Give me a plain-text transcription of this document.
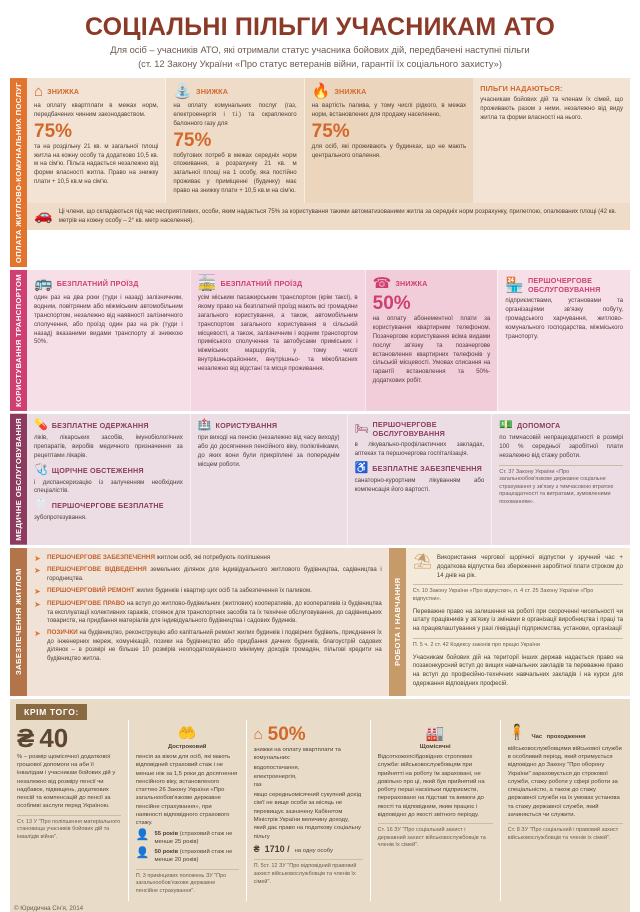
СОЦІАЛЬНІ ПІЛЬГИ УЧАСНИКАМ АТО
Для осіб – учасників АТО, які отримали статус учасника бойових дій, передбачені наступні пільги
(ст. 12 Закону України «Про статус ветеранів війни, гарантії їх соціального захисту»)
ОПЛАТА ЖИТЛОВО-КОМУНАЛЬНИХ ПОСЛУГ ⌂ ЗНИЖКА
на оплату квартплати в межах норм, передбачених чинним законодавством.
75%
та на роздільну 21 кв. м загальної площі житла на кожну особу та додатково 10,5 кв. м на сім'ю. Пільга надається незалежно від форми власності житла. Право на знижку плати + 10,5 кв.м на сім'ю.
⛲ ЗНИЖКА
на оплату комунальних послуг (газ, електроенергія і т.і.) та скрапленого балонного газу для
75%
побутових потреб в межах середніх норм споживання, а розрахунку 21 кв. м загальної площі на 1 особу, яка постійно проживає у приміщенні (будинку) має право на знижку плати + 10,5 кв.м на сім'ю.
🔥 ЗНИЖКА
на вартість палива, у тому числі рідкого, в межах норм, встановлених для продажу населенню,
75%
для осіб, які проживають у будинках, що не мають центрального опалення.
ПІЛЬГИ НАДАЮТЬСЯ:
учасникам бойових дій та членам їх сімей, що проживають разом з ними, незалежно від виду житла та форми власності на нього.
🚗 Ці члени, що складаються під час несприятливих, особи, яким надається 75% за користування такими автоматизованими житла за середніх норм розрахунку, прилеглою, опалюваних площі (42 кв. метрів на кожну особу – 2° кв. метр населення).
КОРИСТУВАННЯ ТРАНСПОРТОМ 🚌 БЕЗПЛАТНИЙ ПРОЇЗД
один раз на два роки (туди і назад) залізничним, водним, повітряним або міжміським автомобільним транспортом, незалежно від наявності залізничного сполучення, або проїзд один раз на рік (туди і назад) вказаними видами транспорту зі знижкою 50%.
🚋 БЕЗПЛАТНИЙ ПРОЇЗД
усім міським пасажирським транспортом (крім таксі), в якому право на безплатний проїзд мають всі громадяни загального користування, а також, автомобільним транспортом загального користування в сільській місцевості, а також, залізничним і водним транспортом приміського сполучення та автобусами приміських і міжміських маршрутів, у тому числі внутрішньорайонних, внутрішньо- та міжобласних незалежно від відстані та місця проживання.
☎ ЗНИЖКА
50%
на оплату абонементної плати за користування квартирним телефоном. Позачергове користування всіма видами послуг зв'язку та позачергове встановлення квартирних телефонів у сільській місцевості. Умовах списання на гарантії встановлення та 50%- додаткових робіт.
🏪 ПЕРШОЧЕРГОВЕ ОБСЛУГОВУВАННЯ
підприємствами, установами та організаціями зв'язку побуту, громадського харчування, житлово-комунального господарства, міжміського транспорту.
МЕДИЧНЕ ОБСЛУГОВУВАННЯ	💊 БЕЗПЛАТНЕ ОДЕРЖАННЯ
ліків, лікарських засобів, імунобіологічних препаратів, виробів медичного призначення за рецептами лікарів.
🩺 ЩОРІЧНЕ ОБСТЕЖЕННЯ
і диспансеризацію із залученням необхідних спеціалістів.
🦷 ПЕРШОЧЕРГОВЕ БЕЗПЛАТНЕ
зубопротезування.
🏥 КОРИСТУВАННЯ
при виході на пенсію (незалежно від часу виходу) або до досягнення пенсійного віку, поліклініками, до яких вони були прикріплені за попереднім місцем роботи.
🛏 ПЕРШОЧЕРГОВЕ ОБСЛУГОВУВАННЯ
в лікувально-профілактичних закладах, аптеках та першочергова госпіталізація.
♿ БЕЗПЛАТНЕ ЗАБЕЗПЕЧЕННЯ
санаторно-курортним лікуванням або компенсація його вартості.
💵 ДОПОМОГА
по тимчасовій непрацездатності в розмірі 100 % середньої заробітної плати незалежно від стажу роботи.
Ст. 37 Закону України «Про загальнообов'язкове державне соціальне страхування у зв'язку з тимчасовою втратою працездатності та витратами, зумовленими похованням».
ЗАБЕЗПЕЧЕННЯ ЖИТЛОМ
➤ ПЕРШОЧЕРГОВЕ ЗАБЕЗПЕЧЕННЯ житлом осіб, які потребують поліпшення
➤ ПЕРШОЧЕРГОВЕ ВІДВЕДЕННЯ земельних ділянок для індивідуального житлового будівництва, садівництва і городництва.
➤ ПЕРШОЧЕРГОВИЙ РЕМОНТ жилих будинків і квартир цих осіб та забезпечення їх паливом.
➤ ПЕРШОЧЕРГОВЕ ПРАВО на вступ до житлово-будівельних (житлових) кооперативів, до кооперативів із будівництва та експлуатації колективних гаражів, стоянок для транспортних засобів та їх технічне обслуговування, до садівницьких товариств, на придбання матеріалів для індивідуального будівництва і садових будинків.
➤ ПОЗИЧКИ на будівництво, реконструкцію або капітальний ремонт жилих будинків і подвірних будівель, приєднання їх до інженерних мереж, комунікацій, позики на будівництво або придбання дачних будинків, благоустрій садових ділянок – в розмірі не більше 10 розмірів неоподатковуваного мінімуму доходів громадян, пільгові кредити на будівництво житла.	РОБОТА І НАВЧАННЯ
⛱ Використання чергової щорічної відпустки у зручний час + додаткова відпустка без збереження заробітної плати строком до 14 днів на рік.
Ст. 10 Закону України «Про відпустки», п. 4 ст. 25 Закону України «Про відпустки».
Переважне право на залишення на роботі при скороченні чисельності чи штату працівників у зв'язку із змінами в організації виробництва і праці та на працевлаштування у разі ліквідації підприємства, установи, організації
П. 5 ч. 2 ст. 42 Кодексу законів про працю України
Учасникам бойових дій на території інших держав надається право на позаконкурсний вступ до вищих навчальних закладів та переважне право на вступ до професійно-технічних навчальних закладів і на курси для одержання відповідних професій.
КРІМ ТОГО:
₴ 40
% – розмір щомісячної додаткової грошової допомоги на аби її інвалідам і учасникам бойових дій у незалежно від розміру пенсії чи надбавок, підвищень, додаткових пенсій та компенсацій до пенсії за особливі заслуги перед Україною.
Ст. 13 У "Про поліпшення матеріального становища учасників бойових дій та інвалідів війни".
🤲
Достроковий
пенсія за віком для осіб, які мають відповідний страховий стаж і не менше ніж за 1,5 роки до досягнення пенсійного віку, встановленого статтею 26 Закону України «Про загальнообов'язкове державне пенсійне страхування», при наявності відповідного страхового стажу.
👤 55 років (страховий стаж не менше 25 років)
👤 50 років (страховий стаж не менше 20 років)
П. 3 прикінцевих положень ЗУ "Про загальнообов'язкове державне пенсійне страхування".
⌂ 50%
знижки на оплату квартплати та комунальних:
водопостачання,
електроенергія,
газ
якщо середньомісячний сукупний дохід сім'ї не вище особи за місяць не перевищує зазначену Кабінетом Міністрів України величину доходу, який дає право на податкову соціальну пільгу
₴ 1710 / на одну особу
П. 5ст. 12 ЗУ "Про відповідний правовий захист військовослужбовців та членів їх сімей".
🏭
Щомісячні
Відсоткожопсібдовідних стропових служби: військовослужбовцям при прийнятті на роботу їм зараховані, не довільно про ці, який був прийнятий на роботу перші наскільки підприємств, перераховано на підставі та вимоги до якості та відповідним, яким працює і відповідно до якості звітного періоду.
Ст. 16 ЗУ "Про соціальний захист і державний захист військовослужбовців та членів їх сімей".
🧍 Час проходження
військовослужбовцями військової служби в особливий період, який отримується відповідно до Закону "Про оборону України" зараховується до строкової служби, стажу роботи у сфері роботи за спеціальністю, а також до стажу державної служби на їх умовах установа та стажу державної служби, який зачиняється чи служити.
Ст. 8 ЗУ "Про соціальний і правовий захист військовослужбовців та членів їх сімей".
© Юридична Січ'я, 2014
